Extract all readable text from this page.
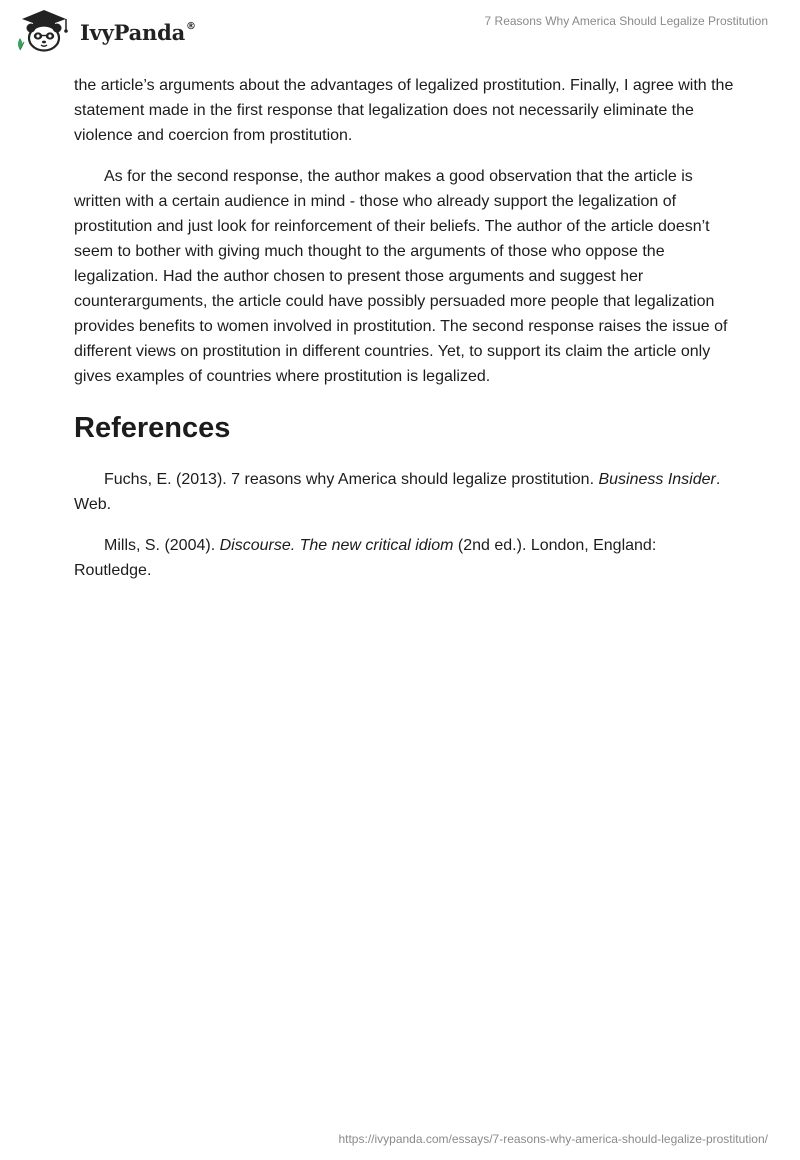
IvyPanda®	7 Reasons Why America Should Legalize Prostitution

the article’s arguments about the advantages of legalized prostitution. Finally, I agree with the statement made in the first response that legalization does not necessarily eliminate the violence and coercion from prostitution.

As for the second response, the author makes a good observation that the article is written with a certain audience in mind - those who already support the legalization of prostitution and just look for reinforcement of their beliefs. The author of the article doesn’t seem to bother with giving much thought to the arguments of those who oppose the legalization. Had the author chosen to present those arguments and suggest her counterarguments, the article could have possibly persuaded more people that legalization provides benefits to women involved in prostitution. The second response raises the issue of different views on prostitution in different countries. Yet, to support its claim the article only gives examples of countries where prostitution is legalized.

References

Fuchs, E. (2013). 7 reasons why America should legalize prostitution. Business Insider. Web.

Mills, S. (2004). Discourse. The new critical idiom (2nd ed.). London, England: Routledge.

https://ivypanda.com/essays/7-reasons-why-america-should-legalize-prostitution/
